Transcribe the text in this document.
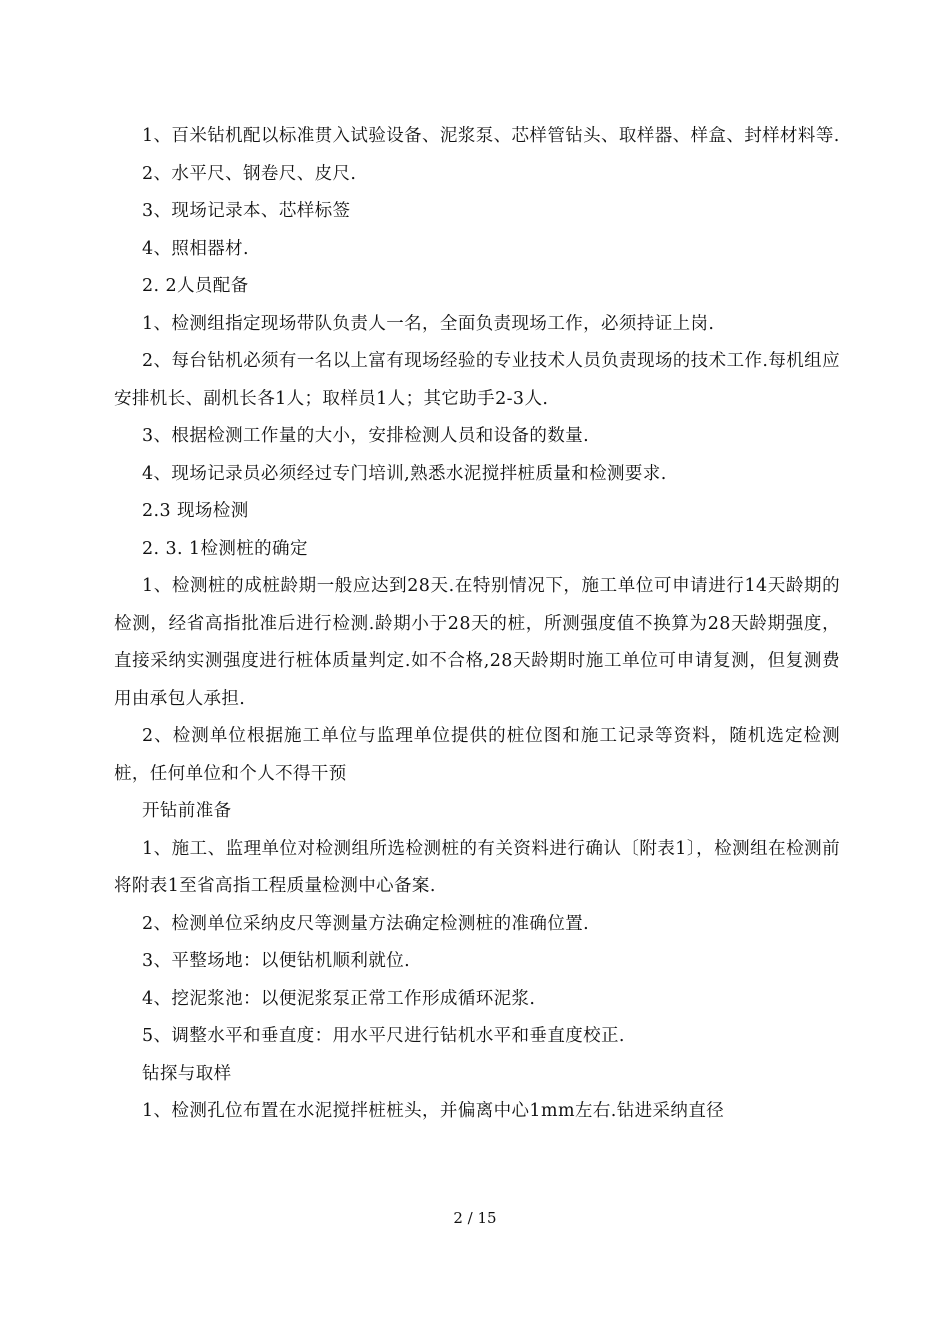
1、百米钻机配以标准贯入试验设备、泥浆泵、芯样管钻头、取样器、样盒、封样材料等.

2、水平尺、钢卷尺、皮尺.

3、现场记录本、芯样标签

4、照相器材.

2. 2人员配备

1、检测组指定现场带队负责人一名，全面负责现场工作，必须持证上岗.

2、每台钻机必须有一名以上富有现场经验的专业技术人员负责现场的技术工作.每机组应安排机长、副机长各1人；取样员1人；其它助手2-3人.

3、根据检测工作量的大小，安排检测人员和设备的数量.

4、现场记录员必须经过专门培训,熟悉水泥搅拌桩质量和检测要求.

2.3 现场检测

2. 3. 1检测桩的确定

1、检测桩的成桩龄期一般应达到28天.在特别情况下，施工单位可申请进行14天龄期的检测，经省高指批准后进行检测.龄期小于28天的桩，所测强度值不换算为28天龄期强度，直接采纳实测强度进行桩体质量判定.如不合格,28天龄期时施工单位可申请复测，但复测费用由承包人承担.

2、检测单位根据施工单位与监理单位提供的桩位图和施工记录等资料，随机选定检测桩，任何单位和个人不得干预

开钻前准备

1、施工、监理单位对检测组所选检测桩的有关资料进行确认〔附表1〕，检测组在检测前将附表1至省高指工程质量检测中心备案.

2、检测单位采纳皮尺等测量方法确定检测桩的准确位置.

3、平整场地：以便钻机顺利就位.

4、挖泥浆池：以便泥浆泵正常工作形成循环泥浆.

5、调整水平和垂直度：用水平尺进行钻机水平和垂直度校正.

钻探与取样

1、检测孔位布置在水泥搅拌桩桩头，并偏离中心1mm左右.钻进采纳直径

2 / 15
